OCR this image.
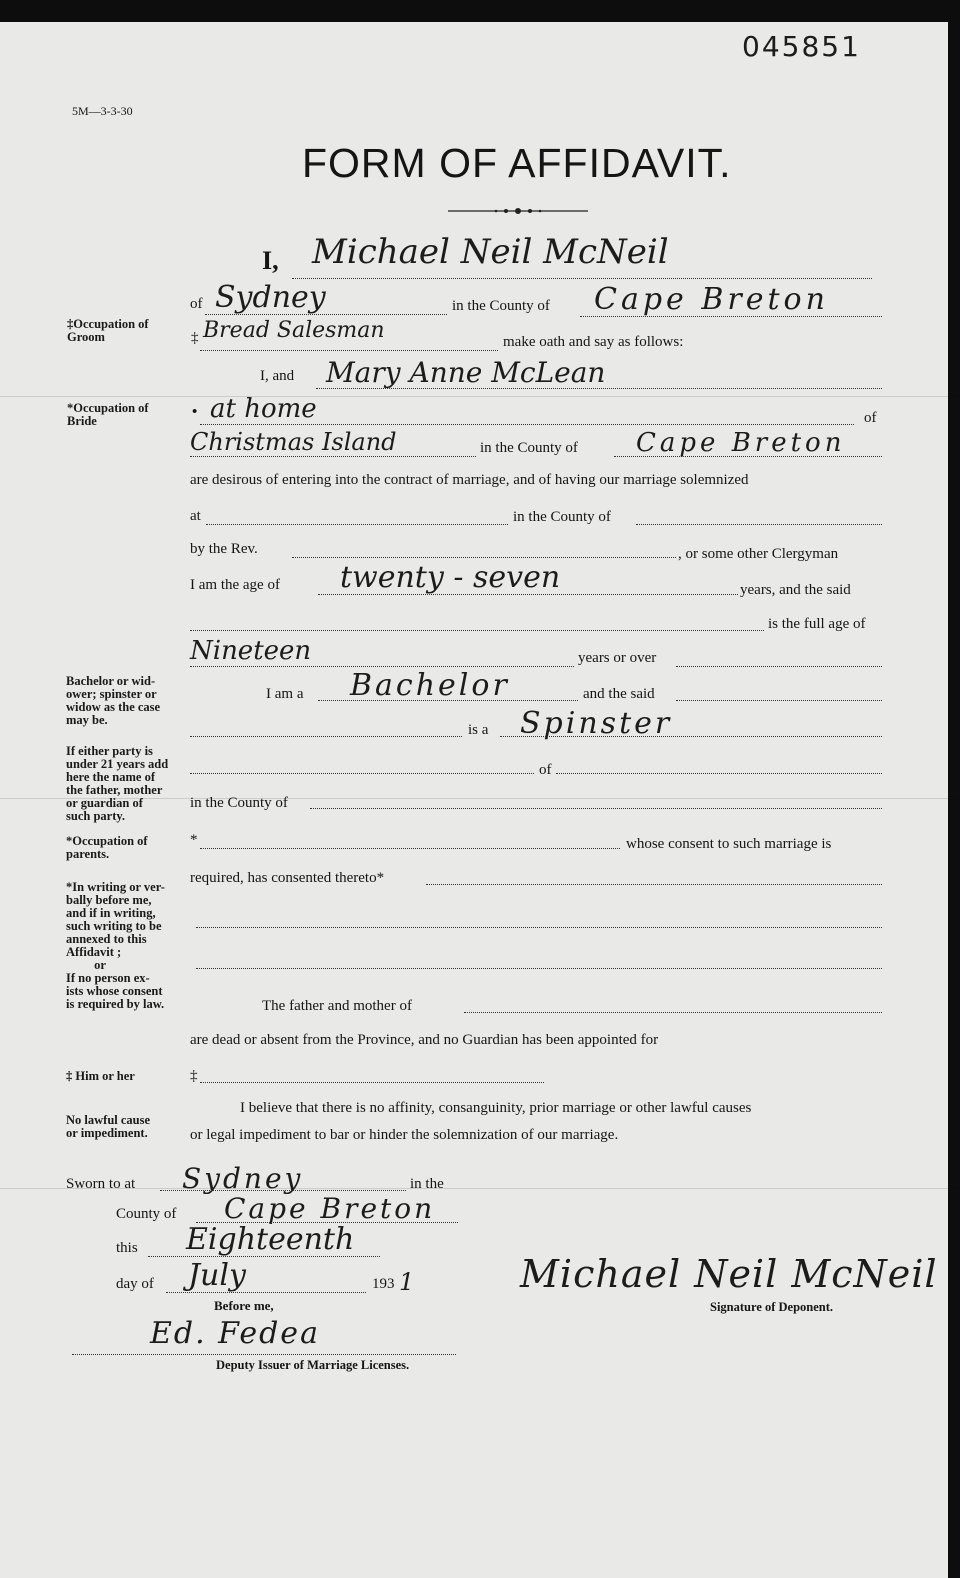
045851
5M—3-3-30
FORM OF AFFIDAVIT.
‡Occupation of
Groom
*Occupation of
Bride
Bachelor or wid-
ower; spinster or
widow as the case
may be.
If either party is
under 21 years add
here the name of
the father, mother
or guardian of
such party.
*Occupation of
parents.
*In writing or ver-
bally before me,
and if in writing,
such writing to be
annexed to this
Affidavit ;
or
If no person ex-
ists whose consent
is required by law.
‡ Him or her
No lawful cause
or impediment.
I, Michael Neil McNeil
of Sydney	in the County of Cape Breton
‡ Bread Salesman	make oath and say as follows:
I, and Mary Anne McLean
• at home	of
Christmas Island	in the County of Cape Breton
are desirous of entering into the contract of marriage, and of having our marriage solemnized
at	in the County of
by the Rev.	, or some other Clergyman
I am the age of twenty - seven	years, and the said
is the full age of
Nineteen	years or over
I am a Bachelor	and the said
is a Spinster
of
in the County of
*	whose consent to such marriage is
required, has consented thereto*
The father and mother of
are dead or absent from the Province, and no Guardian has been appointed for
‡
I believe that there is no affinity, consanguinity, prior marriage or other lawful causes
or legal impediment to bar or hinder the solemnization of our marriage.
Sworn to at Sydney	in the
County of Cape Breton
this Eighteenth
day of July	193 1	Michael Neil McNeil
Signature of Deponent.
Before me,
Ed. Fedea
Deputy Issuer of Marriage Licenses.
